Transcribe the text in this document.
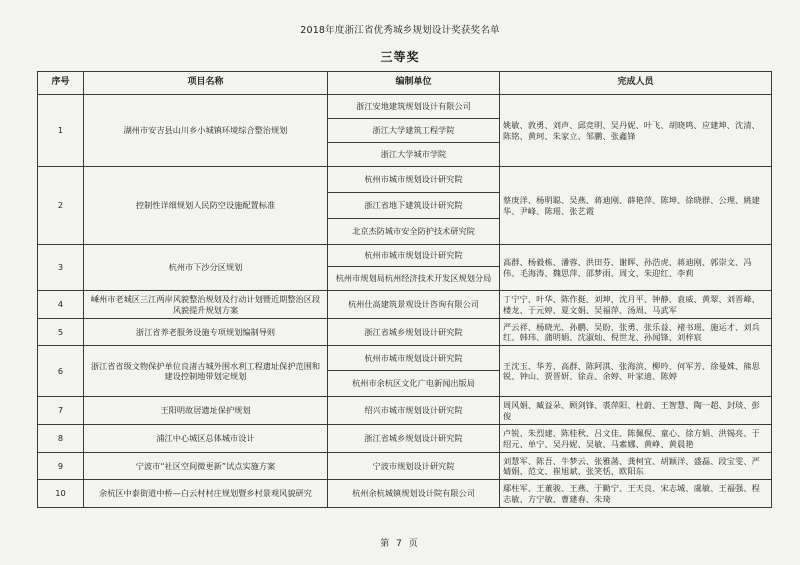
2018年度浙江省优秀城乡规划设计奖获奖名单
三等奖
序号	项目名称	编制单位	完成人员
1	湖州市安吉县山川乡小城镇环境综合整治规划	浙江安地建筑规划设计有限公司	姚敏、敦勇、刘声、邱竞明、吴丹妮、叶飞、胡晓鸣、应建坤、沈清、陈铭、黄珂、朱家立、邹鹏、张鑫锋
		浙江大学建筑工程学院	
		浙江大学城市学院	
2	控制性详细规划人民防空设施配置标准	杭州市城市规划设计研究院	蔡庚洋、杨明聪、吴燕、蒋迪刚、薛艳萍、陈坤、徐晓群、公理、姚建华、尹峰、陈瑶、张艺霞
		浙江省地下建筑设计研究院	
		北京杰防城市安全防护技术研究院	
3	杭州市下沙分区规划	杭州市城市规划设计研究院	高群、杨毅栋、潘蓉、洪田芬、谢晖、孙浩虎、蒋迪刚、郭崇文、冯伟、毛海涛、魏思萍、邵梦雨、周文、朱迎红、李莉
		杭州市规划局杭州经济技术开发区规划分局	
4	嵊州市老城区三江两岸风貌整治规划及行动计划暨近期整治区段风貌提升规划方案	杭州仕高建筑景观设计咨询有限公司	丁宁宁、叶华、陈作挺、刘坤、沈月平、钟静、袁威、黄翠、刘晋峰、楼龙、于元婷、夏文娟、吴福萍、汤周、马武军
5	浙江省养老服务设施专项规划编制导则	浙江省城乡规划设计研究院	严云祥、杨晓光、孙鹏、吴盼、张勇、张乐益、褚书瑶、施运才、刘兵红、韩玮、蒲明娟、沈淑灿、倪世龙、孙闻锋、刘梓宸
6	浙江省省级文物保护单位良渚古城外围水利工程遗址保护范围和建设控制地带划定规划	杭州市城市规划设计研究院	王沈玉、华芳、高群、陈阿淇、张海滨、柳吟、何军芳、徐曼姝、熊思锐、钟山、贾晋妍、徐垚、余婷、叶家迪、陈婷
		杭州市余杭区文化广电新闻出版局	
7	王阳明故居遗址保护规划	绍兴市城市规划设计研究院	周风娟、臧益朵、顾剑锋、裘萍阳、杜蔚、王智慧、陶一超、封琰、彭俊
8	浦江中心城区总体城市设计	浙江省城乡规划设计研究院	卢锐、朱烈建、陈桂秋、吕文佳、陈佩倪、童心、徐方娟、洪锡亮、于绍元、单宁、吴丹妮、吴敏、马素娜、黄峥、黄晨艳
9	宁波市“社区空间微更新”试点实施方案	宁波市规划设计研究院	刘慧军、陈吾、牛梦云、张雅菡、龚柯宜、胡颖洋、盛磊、段宝雯、严婧娟、范文、崔旭斌、张笑恬、欧阳东
10	余杭区中泰街道中桥—白云村村庄规划暨乡村景观风貌研究	杭州余杭城镇规划设计院有限公司	鄢柱军、王董骏、王燕、于勤宁、王天良、宋志城、虞敏、王福强、程志敏、方宁敏、曹建春、朱琦
第 7 页
